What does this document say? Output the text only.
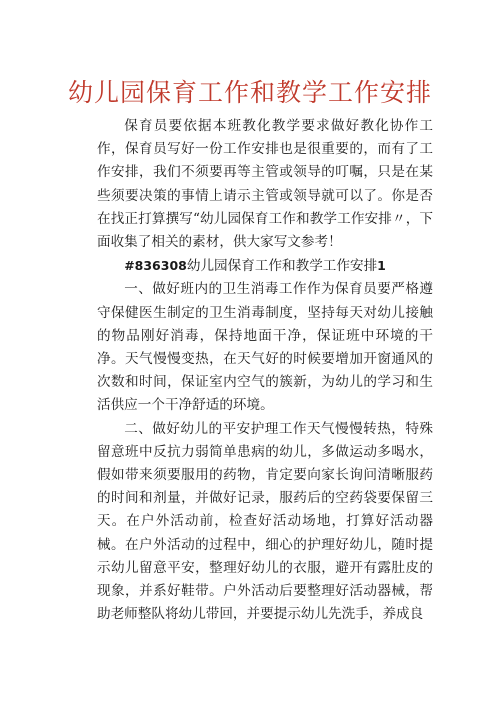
幼儿园保育工作和教学工作安排

保育员要依据本班教化教学要求做好教化协作工作，保育员写好一份工作安排也是很重要的，而有了工作安排，我们不须要再等主管或领导的叮嘱，只是在某些须要决策的事情上请示主管或领导就可以了。你是否在找正打算撰写“幼儿园保育工作和教学工作安排〃，下面收集了相关的素材，供大家写文参考！

#836308幼儿园保育工作和教学工作安排1

一、做好班内的卫生消毒工作作为保育员要严格遵守保健医生制定的卫生消毒制度，坚持每天对幼儿接触的物品刚好消毒，保持地面干净，保证班中环境的干净。天气慢慢变热，在天气好的时候要增加开窗通风的次数和时间，保证室内空气的簇新，为幼儿的学习和生活供应一个干净舒适的环境。

二、做好幼儿的平安护理工作天气慢慢转热，特殊留意班中反抗力弱简单患病的幼儿，多做运动多喝水，假如带来须要服用的药物，肯定要向家长询问清晰服药的时间和剂量，并做好记录，服药后的空药袋要保留三天。在户外活动前，检查好活动场地，打算好活动器械。在户外活动的过程中，细心的护理好幼儿，随时提示幼儿留意平安，整理好幼儿的衣服，避开有露肚皮的现象，并系好鞋带。户外活动后要整理好活动器械，帮助老师整队将幼儿带回，并要提示幼儿先洗手，养成良
